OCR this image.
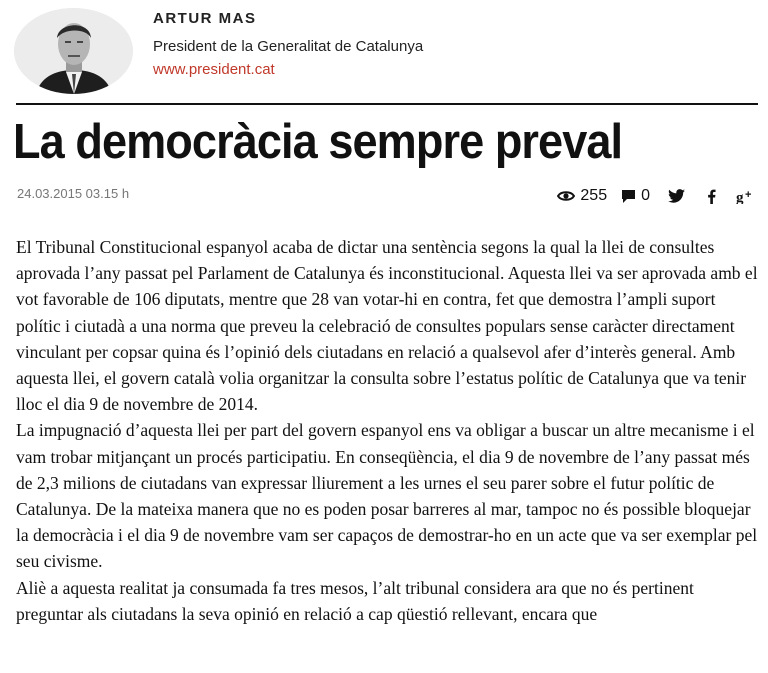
ARTUR MAS
President de la Generalitat de Catalunya
www.president.cat
La democràcia sempre preval
24.03.2015 03.15 h	255 0	g +

El Tribunal Constitucional espanyol acaba de dictar una sentència segons la qual la llei de consultes aprovada l’any passat pel Parlament de Catalunya és inconstitucional. Aquesta llei va ser aprovada amb el vot favorable de 106 diputats, mentre que 28 van votar-hi en contra, fet que demostra l’ampli suport polític i ciutadà a una norma que preveu la celebració de consultes populars sense caràcter directament vinculant per copsar quina és l’opinió dels ciutadans en relació a qualsevol afer d’interès general. Amb aquesta llei, el govern català volia organitzar la consulta sobre l’estatus polític de Catalunya que va tenir lloc el dia 9 de novembre de 2014.

La impugnació d’aquesta llei per part del govern espanyol ens va obligar a buscar un altre mecanisme i el vam trobar mitjançant un procés participatiu. En conseqüència, el dia 9 de novembre de l’any passat més de 2,3 milions de ciutadans van expressar lliurement a les urnes el seu parer sobre el futur polític de Catalunya. De la mateixa manera que no es poden posar barreres al mar, tampoc no és possible bloquejar la democràcia i el dia 9 de novembre vam ser capaços de demostrar-ho en un acte que va ser exemplar pel seu civisme.

Aliè a aquesta realitat ja consumada fa tres mesos, l’alt tribunal considera ara que no és pertinent preguntar als ciutadans la seva opinió en relació a cap qüestió rellevant, encara que
